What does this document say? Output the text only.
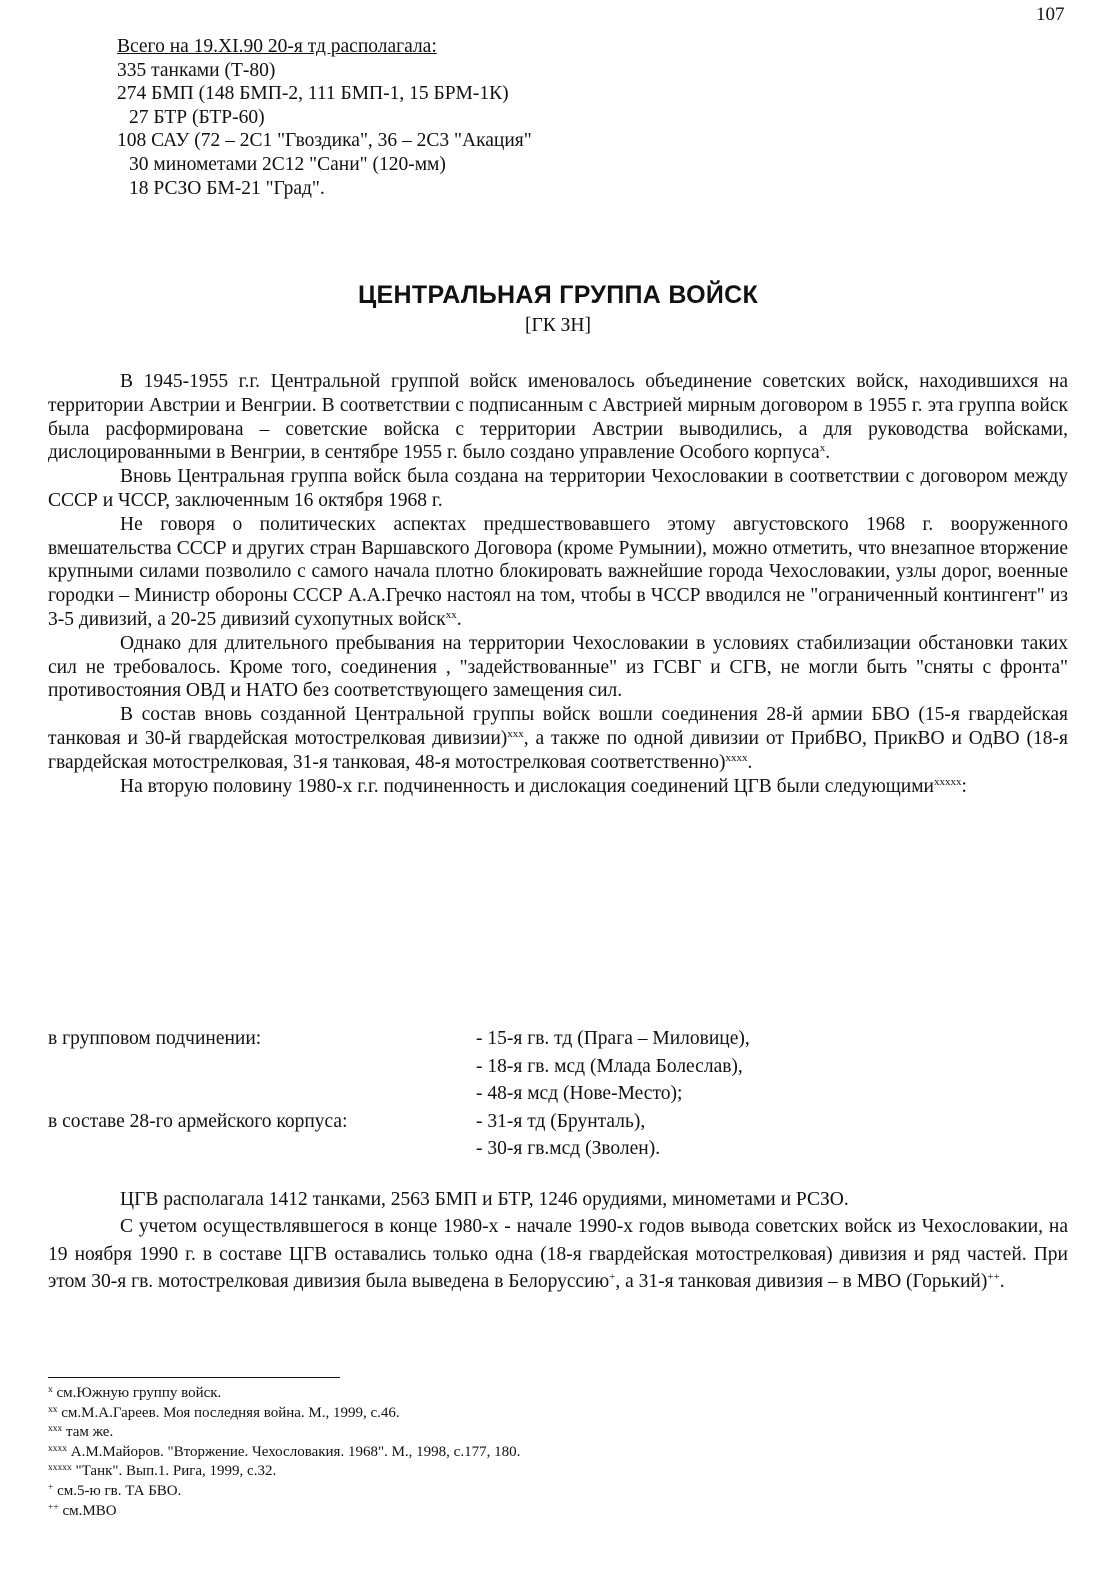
107
Всего на 19.XI.90 20-я тд располагала:
335 танками (Т-80)
274 БМП (148 БМП-2, 111 БМП-1, 15 БРМ-1К)
27 БТР (БТР-60)
108 САУ (72 – 2С1 "Гвоздика", 36 – 2С3 "Акация"
30 минометами 2С12 "Сани" (120-мм)
18 РСЗО БМ-21 "Град".
ЦЕНТРАЛЬНАЯ ГРУППА ВОЙСК
[ГК ЗН]

В 1945-1955 г.г. Центральной группой войск именовалось объединение советских войск, находившихся на территории Австрии и Венгрии. В соответствии с подписанным с Австрией мирным договором в 1955 г. эта группа войск была расформирована – советские войска с территории Австрии выводились, а для руководства войсками, дислоцированными в Венгрии, в сентябре 1955 г. было создано управление Особого корпуса$^x$.

Вновь Центральная группа войск была создана на территории Чехословакии в соответствии с договором между СССР и ЧССР, заключенным 16 октября 1968 г.

Не говоря о политических аспектах предшествовавшего этому августовского 1968 г. вооруженного вмешательства СССР и других стран Варшавского Договора (кроме Румынии), можно отметить, что внезапное вторжение крупными силами позволило с самого начала плотно блокировать важнейшие города Чехословакии, узлы дорог, военные городки – Министр обороны СССР А.А.Гречко настоял на том, чтобы в ЧССР вводился не "ограниченный контингент" из 3-5 дивизий, а 20-25 дивизий сухопутных войск$^{xx}$.

Однако для длительного пребывания на территории Чехословакии в условиях стабилизации обстановки таких сил не требовалось. Кроме того, соединения , "задействованные" из ГСВГ и СГВ, не могли быть "сняты с фронта" противостояния ОВД и НАТО без соответствующего замещения сил.

В состав вновь созданной Центральной группы войск вошли соединения 28-й армии БВО (15-я гвардейская танковая и 30-й гвардейская мотострелковая дивизии)$^{xxx}$, а также по одной дивизии от ПрибВО, ПрикВО и ОдВО (18-я гвардейская мотострелковая, 31-я танковая, 48-я мотострелковая соответственно)$^{xxxx}$.

На вторую половину 1980-х г.г. подчиненность и дислокация соединений ЦГВ были следующими$^{xxxxx}$:

в групповом подчинении:	- 15-я гв. тд (Прага – Миловице),
- 18-я гв. мсд (Млада Болеслав),
- 48-я мсд (Нове-Место);
в составе 28-го армейского корпуса:	- 31-я тд (Брунталь),
- 30-я гв.мсд (Зволен).

ЦГВ располагала 1412 танками, 2563 БМП и БТР, 1246 орудиями, минометами и РСЗО.

С учетом осуществлявшегося в конце 1980-х - начале 1990-х годов вывода советских войск из Чехословакии, на 19 ноября 1990 г. в составе ЦГВ оставались только одна (18-я гвардейская мотострелковая) дивизия и ряд частей. При этом 30-я гв. мотострелковая дивизия была выведена в Белоруссию+, а 31-я танковая дивизия – в МВО (Горький)++.

$^x$ см.Южную группу войск.
$^{xx}$ см.М.А.Гареев. Моя последняя война. М., 1999, с.46.
$^{xxx}$ там же.
$^{xxxx}$ А.М.Майоров. "Вторжение. Чехословакия. 1968". М., 1998, с.177, 180.
$^{xxxxx}$ "Танк". Вып.1. Рига, 1999, с.32.
+ см.5-ю гв. ТА БВО.
++ см.МВО
